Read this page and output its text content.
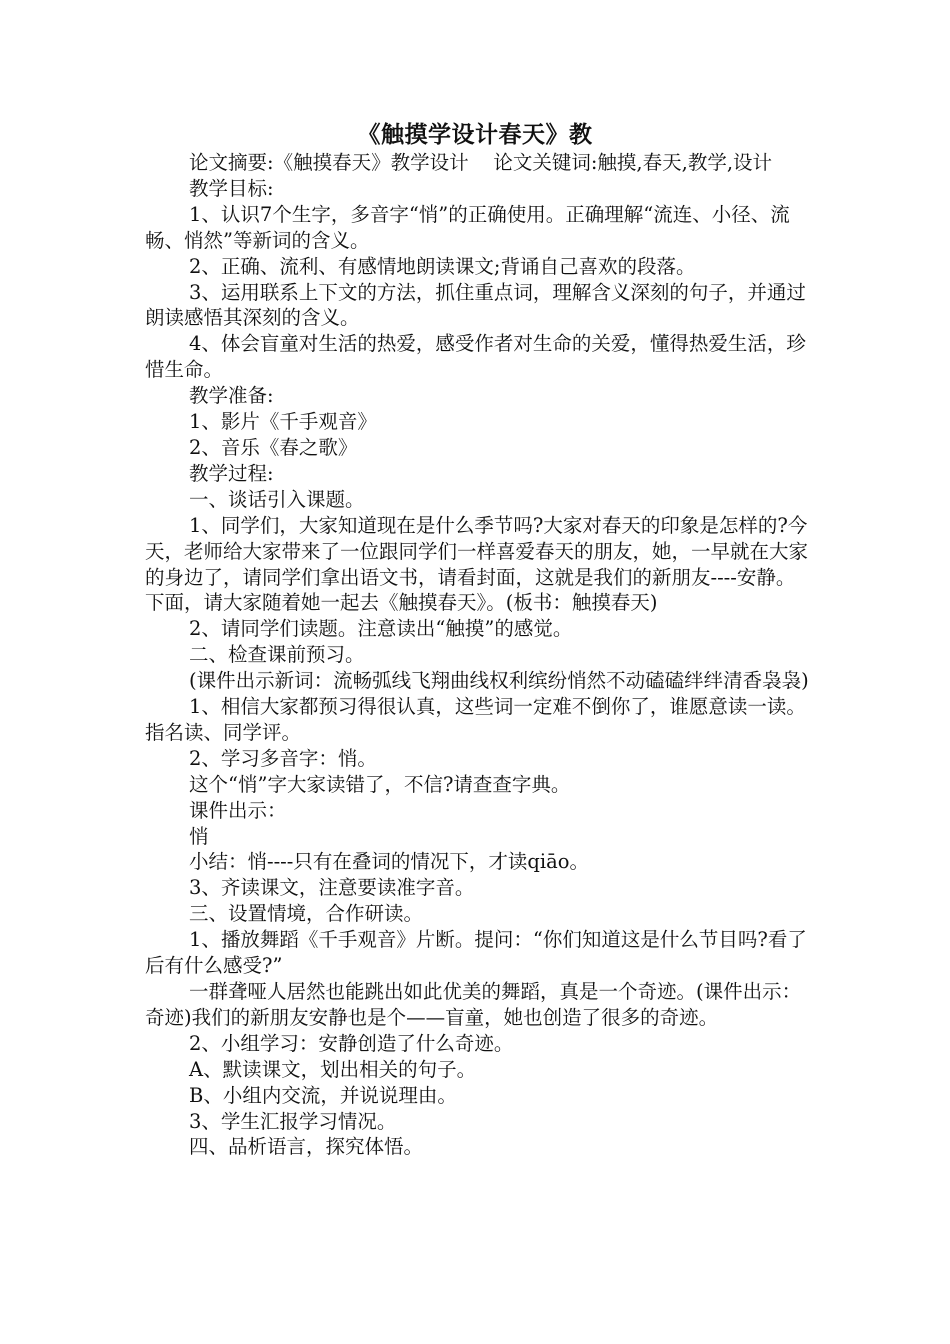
《触摸学设计春天》教

论文摘要:《触摸春天》教学设计    论文关键词:触摸,春天,教学,设计

教学目标:

1、认识7个生字，多音字“悄”的正确使用。正确理解“流连、小径、流畅、悄然”等新词的含义。

2、正确、流利、有感情地朗读课文;背诵自己喜欢的段落。

3、运用联系上下文的方法，抓住重点词，理解含义深刻的句子，并通过朗读感悟其深刻的含义。

4、体会盲童对生活的热爱，感受作者对生命的关爱，懂得热爱生活，珍惜生命。

教学准备:

1、影片《千手观音》

2、音乐《春之歌》

教学过程:

一、谈话引入课题。

1、同学们，大家知道现在是什么季节吗?大家对春天的印象是怎样的?今天，老师给大家带来了一位跟同学们一样喜爱春天的朋友，她，一早就在大家的身边了，请同学们拿出语文书，请看封面，这就是我们的新朋友----安静。下面，请大家随着她一起去《触摸春天》。(板书：触摸春天)

2、请同学们读题。注意读出“触摸”的感觉。

二、检查课前预习。

(课件出示新词：流畅弧线飞翔曲线权利缤纷悄然不动磕磕绊绊清香袅袅)

1、相信大家都预习得很认真，这些词一定难不倒你了，谁愿意读一读。指名读、同学评。

2、学习多音字：悄。

这个“悄”字大家读错了，不信?请查查字典。

课件出示：

悄

小结：悄----只有在叠词的情况下，才读qiāo。

3、齐读课文，注意要读准字音。

三、设置情境，合作研读。

1、播放舞蹈《千手观音》片断。提问：“你们知道这是什么节目吗?看了后有什么感受?”

一群聋哑人居然也能跳出如此优美的舞蹈，真是一个奇迹。(课件出示：奇迹)我们的新朋友安静也是个——盲童，她也创造了很多的奇迹。

2、小组学习：安静创造了什么奇迹。

A、默读课文，划出相关的句子。

B、小组内交流，并说说理由。

3、学生汇报学习情况。

四、品析语言，探究体悟。
